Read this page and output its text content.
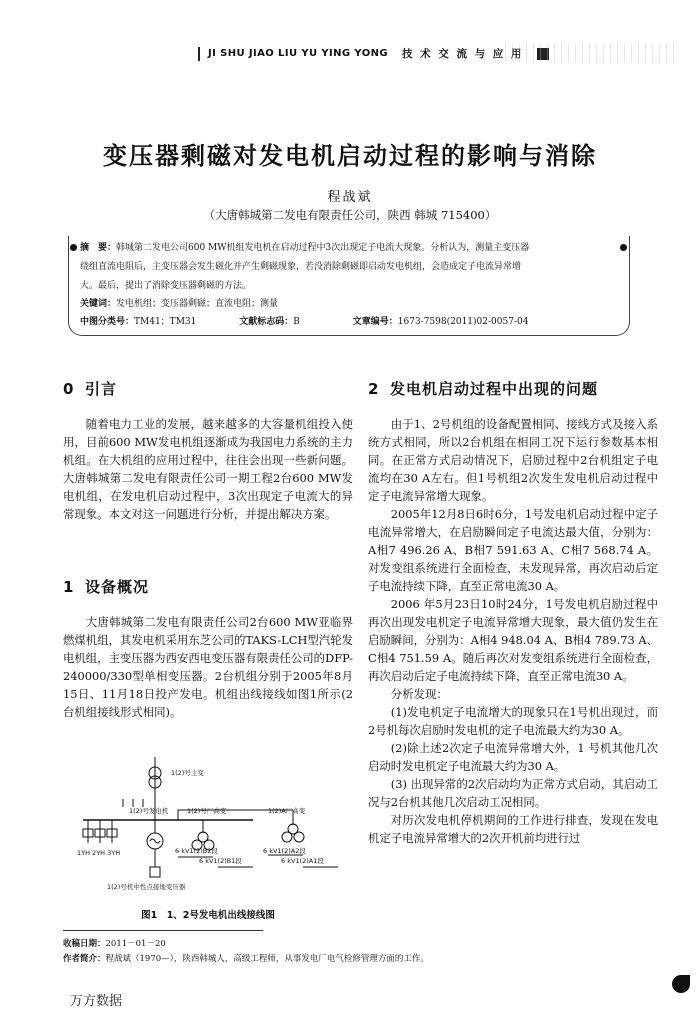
JI SHU JIAO LIU YU YING YONG 技 术 交 流 与 应 用
变压器剩磁对发电机启动过程的影响与消除
程战斌
（大唐韩城第二发电有限责任公司，陕西 韩城 715400）
摘　要：韩城第二发电公司600 MW机组发电机在启动过程中3次出现定子电流大现象。分析认为，测量主变压器
绕组直流电阻后，主变压器会发生磁化并产生剩磁现象，若没消除剩磁即启动发电机组，会造成定子电流异常增
大。最后，提出了消除变压器剩磁的方法。
关键词：发电机组；变压器剩磁；直流电阻；测量
中图分类号：TM41；TM31	文献标志码：B	文章编号：1673-7598(2011)02-0057-04
0 引言

随着电力工业的发展，越来越多的大容量机组投入使用，目前600 MW发电机组逐渐成为我国电力系统的主力机组。在大机组的应用过程中，往往会出现一些新问题。大唐韩城第二发电有限责任公司一期工程2台600 MW发电机组，在发电机启动过程中，3次出现定子电流大的异常现象。本文对这一问题进行分析，并提出解决方案。

1 设备概况

大唐韩城第二发电有限责任公司2台600 MW亚临界燃煤机组，其发电机采用东芝公司的TAKS-LCH型汽轮发电机组，主变压器为西安西电变压器有限责任公司的DFP-240000/330型单相变压器。2台机组分别于2005年8月15日、11月18日投产发电。机组出线接线如图1所示(2台机组接线形式相同)。

1(2)号主变
1(2)号发电机	1(2)号厂高变	1(2)A厂高变
6 kV1(2)B2段
6 kV1(2)B1段
6 kV1(2)A2段
6 kV1(2)A1段
1YH 2YH 3YH
1(2)号机中性点接地变压器
图1　1、2号发电机出线接线图
2 发电机启动过程中出现的问题

由于1、2号机组的设备配置相同、接线方式及接入系统方式相同，所以2台机组在相同工况下运行参数基本相同。在正常方式启动情况下，启励过程中2台机组定子电流均在30 A左右。但1号机组2次发生发电机启动过程中定子电流异常增大现象。

2005年12月8日6时6分，1号发电机启动过程中定子电流异常增大，在启励瞬间定子电流达最大值，分别为：A相7 496.26 A、B相7 591.63 A、C相7 568.74 A。对发变组系统进行全面检查，未发现异常，再次启动后定子电流持续下降，直至正常电流30 A。

2006 年5月23日10时24分，1号发电机启励过程中再次出现发电机定子电流异常增大现象，最大值仍发生在启励瞬间，分别为：A相4 948.04 A、B相4 789.73 A、C相4 751.59 A。随后再次对发变组系统进行全面检查，再次启动后定子电流持续下降，直至正常电流30 A。

分析发现：

(1)发电机定子电流增大的现象只在1号机出现过，而2号机每次启励时发电机的定子电流最大约为30 A。

(2)除上述2次定子电流异常增大外，1 号机其他几次启动时发电机定子电流最大约为30 A。

(3) 出现异常的2次启动均为正常方式启动，其启动工况与2台机其他几次启动工况相同。

对历次发电机停机期间的工作进行排查，发现在发电机定子电流异常增大的2次开机前均进行过

收稿日期：2011－01－20
作者简介：程战斌（1970—），陕西韩城人，高级工程师，从事发电厂电气检修管理方面的工作。
万方数据
